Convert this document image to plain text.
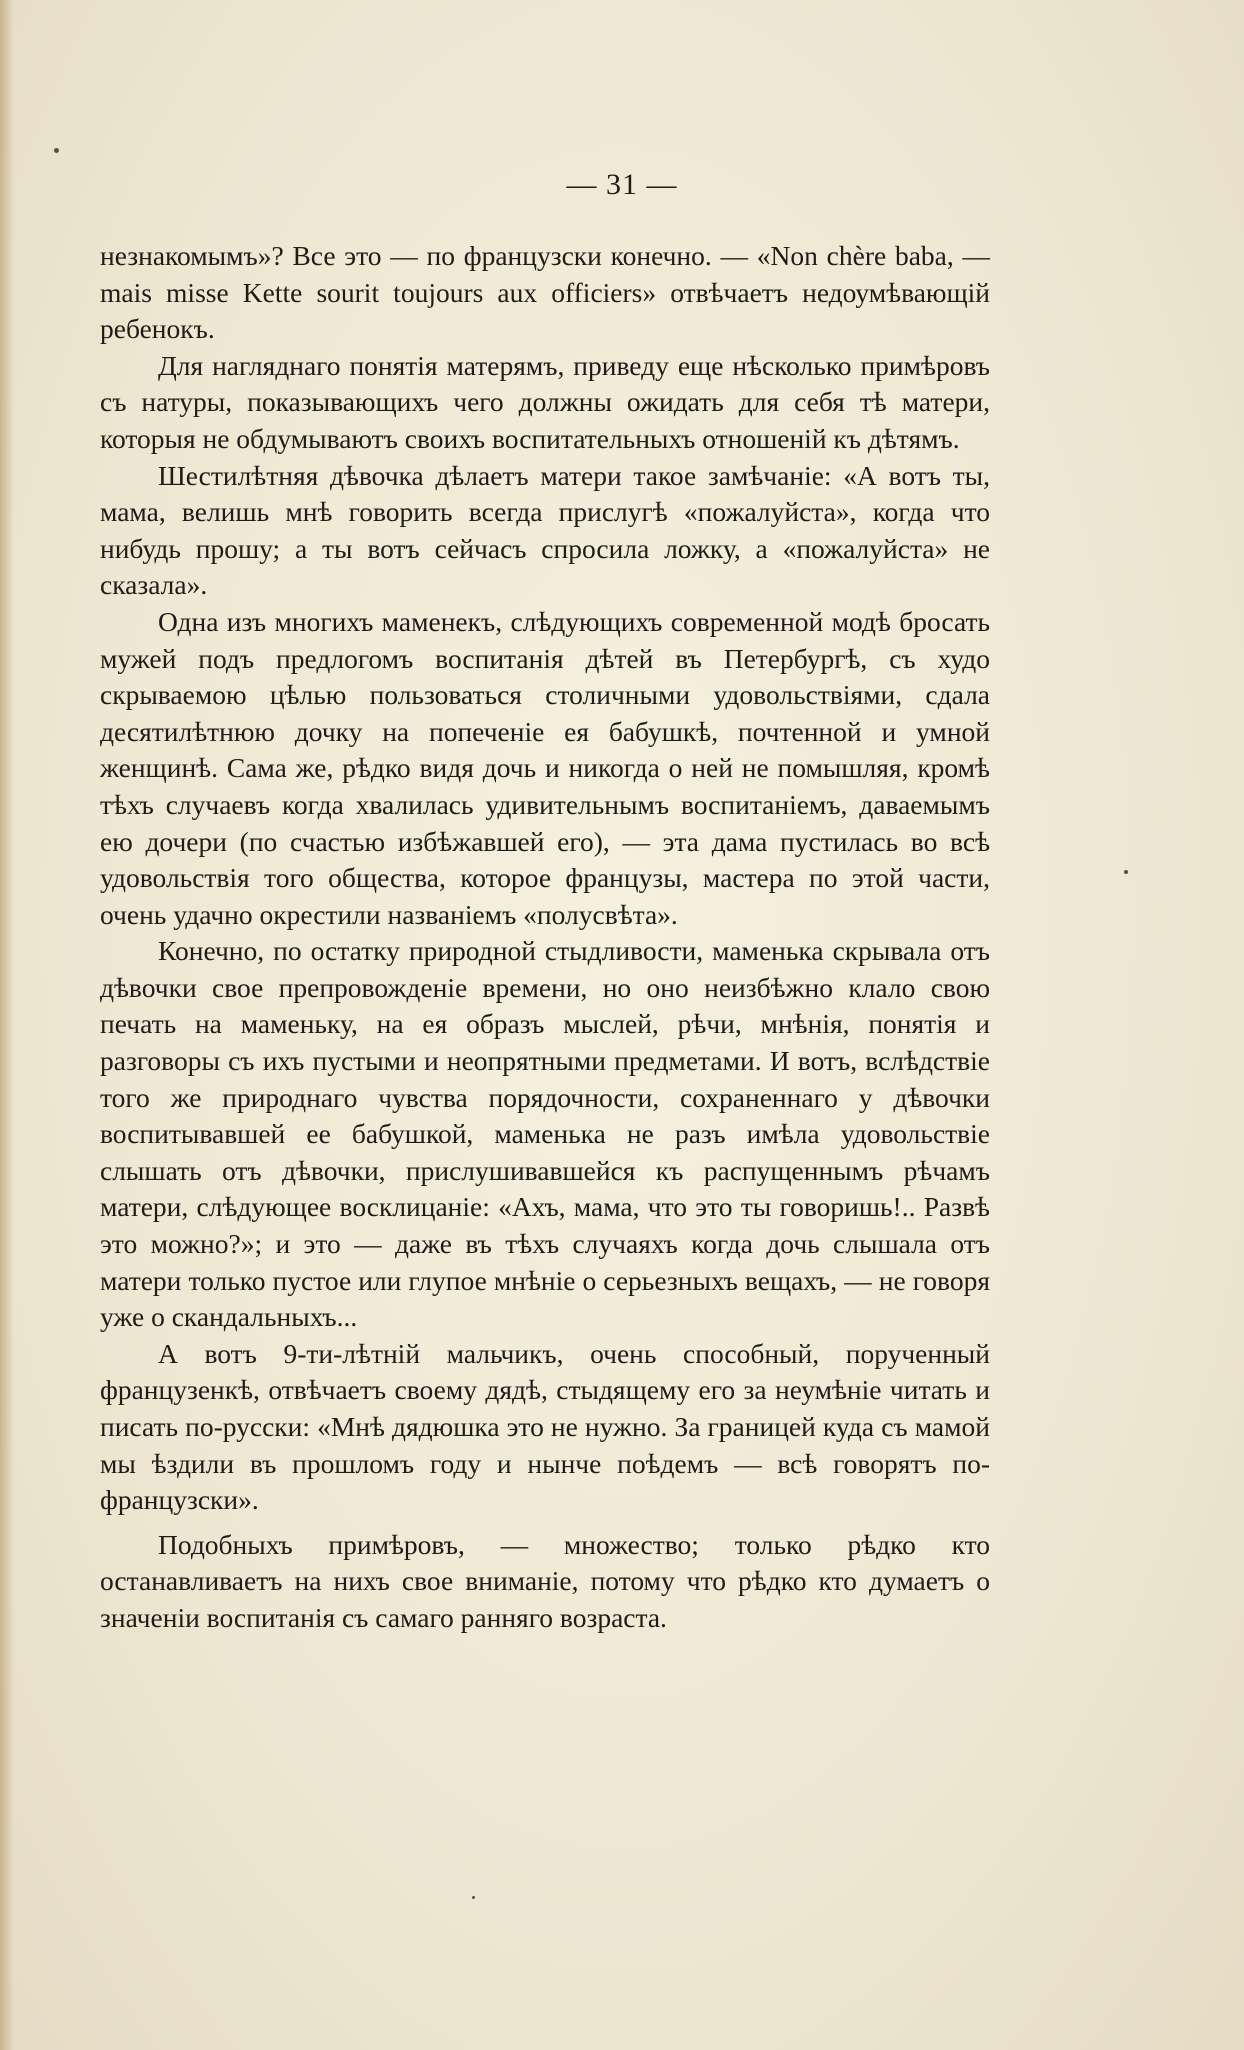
— 31 —

незнакомымъ»? Все это — по французски конечно. — «Non chère baba, — mais misse Kette sourit toujours aux officiers» отвѣчаетъ недоумѣвающій ребенокъ.

Для нагляднаго понятія матерямъ, приведу еще нѣсколько примѣровъ съ натуры, показывающихъ чего должны ожидать для себя тѣ матери, которыя не обдумываютъ своихъ воспитательныхъ отношеній къ дѣтямъ.

Шестилѣтняя дѣвочка дѣлаетъ матери такое замѣчаніе: «А вотъ ты, мама, велишь мнѣ говорить всегда прислугѣ «пожалуйста», когда что нибудь прошу; а ты вотъ сейчасъ спросила ложку, а «пожалуйста» не сказала».

Одна изъ многихъ маменекъ, слѣдующихъ современной модѣ бросать мужей подъ предлогомъ воспитанія дѣтей въ Петербургѣ, съ худо скрываемою цѣлью пользоваться столичными удовольствіями, сдала десятилѣтнюю дочку на попеченіе ея бабушкѣ, почтенной и умной женщинѣ. Сама же, рѣдко видя дочь и никогда о ней не помышляя, кромѣ тѣхъ случаевъ когда хвалилась удивительнымъ воспитаніемъ, даваемымъ ею дочери (по счастью избѣжавшей его), — эта дама пустилась во всѣ удовольствія того общества, которое французы, мастера по этой части, очень удачно окрестили названіемъ «полусвѣта».

Конечно, по остатку природной стыдливости, маменька скрывала отъ дѣвочки свое препровожденіе времени, но оно неизбѣжно клало свою печать на маменьку, на ея образъ мыслей, рѣчи, мнѣнія, понятія и разговоры съ ихъ пустыми и неопрятными предметами. И вотъ, вслѣдствіе того же природнаго чувства порядочности, сохраненнаго у дѣвочки воспитывавшей ее бабушкой, маменька не разъ имѣла удовольствіе слышать отъ дѣвочки, прислушивавшейся къ распущеннымъ рѣчамъ матери, слѣдующее восклицаніе: «Ахъ, мама, что это ты говоришь!.. Развѣ это можно?»; и это — даже въ тѣхъ случаяхъ когда дочь слышала отъ матери только пустое или глупое мнѣніе о серьезныхъ вещахъ, — не говоря уже о скандальныхъ...

А вотъ 9-ти-лѣтній мальчикъ, очень способный, порученный французенкѣ, отвѣчаетъ своему дядѣ, стыдящему его за неумѣніе читать и писать по-русски: «Мнѣ дядюшка это не нужно. За границей куда съ мамой мы ѣздили въ прошломъ году и нынче поѣдемъ — всѣ говорятъ по-французски».

Подобныхъ примѣровъ, — множество; только рѣдко кто останавливаетъ на нихъ свое вниманіе, потому что рѣдко кто думаетъ о значеніи воспитанія съ самаго ранняго возраста.
